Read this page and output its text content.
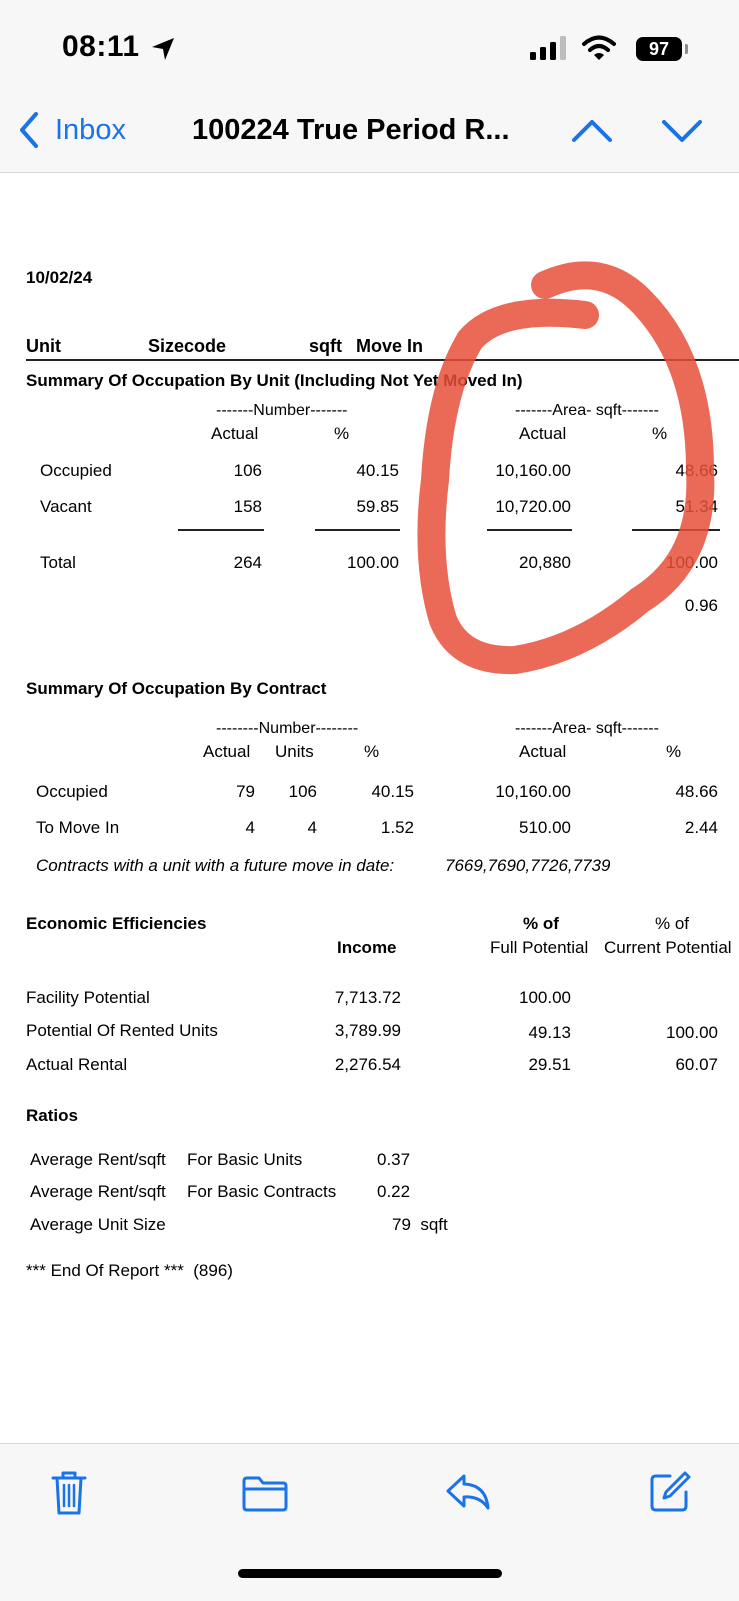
08:11	97
Inbox 100224 True Period R...
10/02/24
Unit	Sizecode	sqft Move In
Summary Of Occupation By Unit (Including Not Yet Moved In)
-------Number-------	-------Area- sqft-------
Actual	%	Actual	%
Occupied	106	40.15	10,160.00	48.66
Vacant	158	59.85	10,720.00	51.34
Total	264	100.00	20,880	100.00
0.96
Summary Of Occupation By Contract
--------Number--------	-------Area- sqft-------
Actual Units	%	Actual	%
Occupied	79	106	40.15	10,160.00	48.66
To Move In	4	4	1.52	510.00	2.44
Contracts with a unit with a future move in date:	7669,7690,7726,7739
Economic Efficiencies	% of	% of
Income	Full Potential Current Potential
Facility Potential	7,713.72	100.00
Potential Of Rented Units	3,789.99	49.13	100.00
Actual Rental	2,276.54	29.51	60.07
Ratios
Average Rent/sqft For Basic Units	0.37
Average Rent/sqft For Basic Contracts 0.22
Average Unit Size	79  sqft
*** End Of Report ***  (896)
